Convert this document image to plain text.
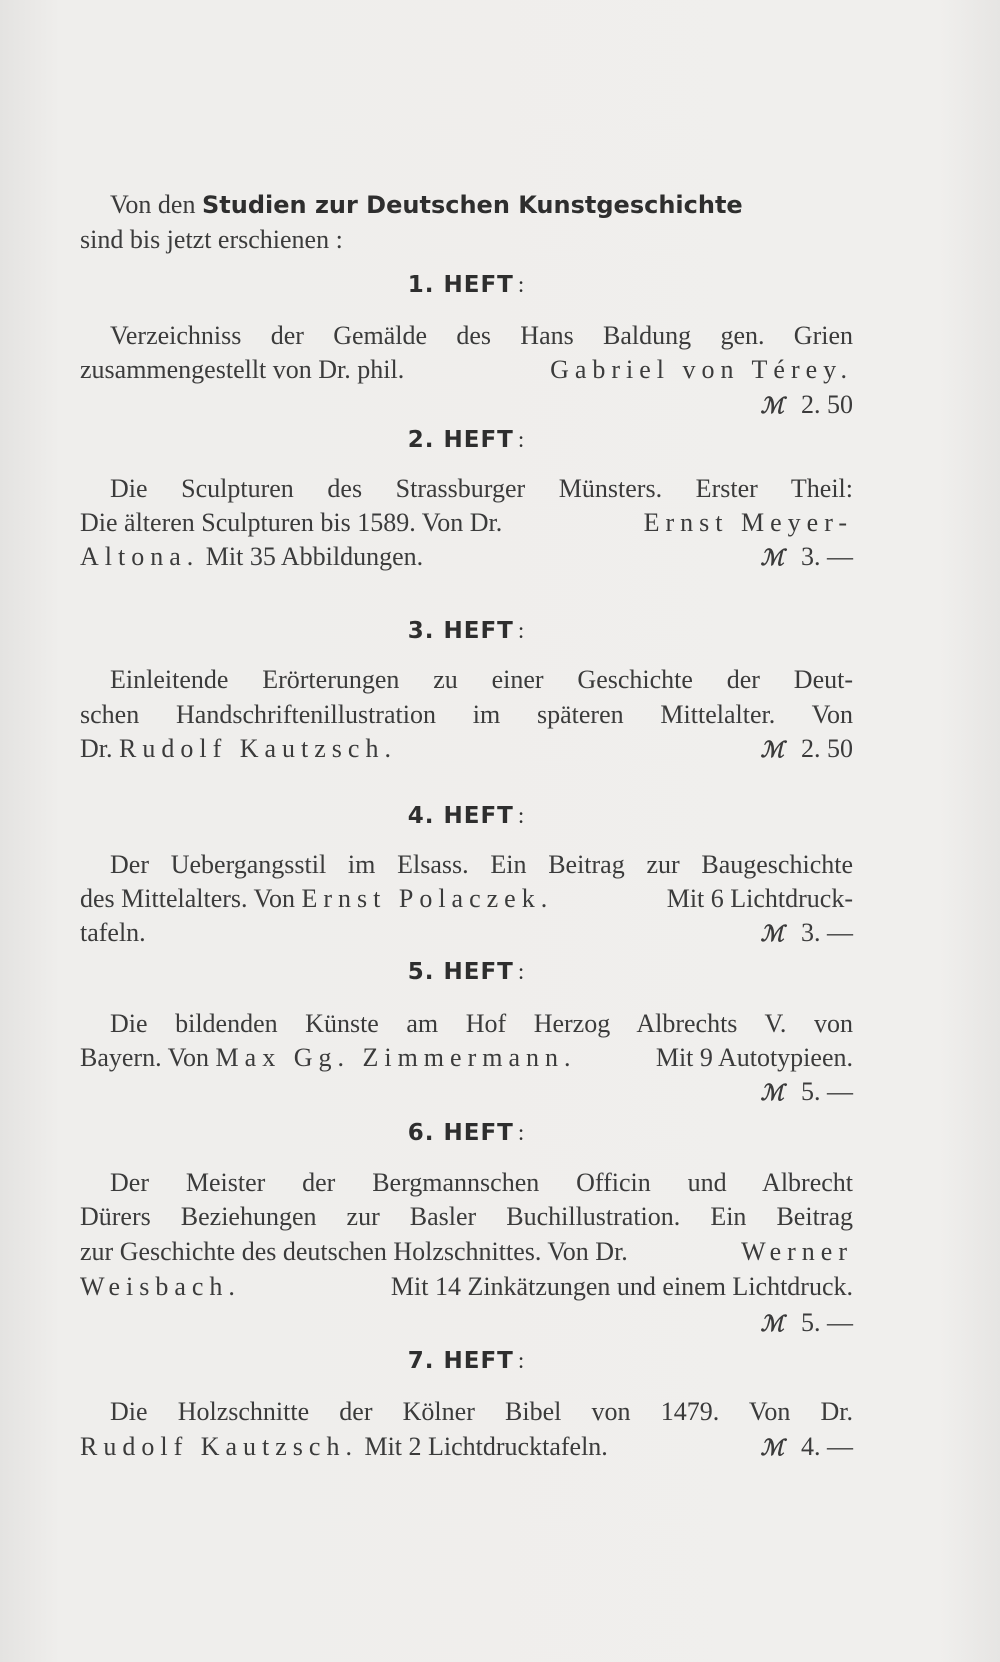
Von den Studien zur Deutschen Kunstgeschichte
sind bis jetzt erschienen :
1. HEFT :
Verzeichniss der Gemälde des Hans Baldung gen. Grien
zusammengestellt von Dr. phil.	Gabriel von Térey.
ℳ 2. 50
2. HEFT :
Die Sculpturen des Strassburger Münsters. Erster Theil:
Die älteren Sculpturen bis 1589. Von Dr.	Ernst Meyer-
Altona. Mit 35 Abbildungen.	ℳ 3. —
3. HEFT :
Einleitende Erörterungen zu einer Geschichte der Deut-
schen Handschriftenillustration im späteren Mittelalter. Von
Dr. Rudolf Kautzsch.	ℳ 2. 50
4. HEFT :
Der Uebergangsstil im Elsass. Ein Beitrag zur Baugeschichte
des Mittelalters. Von Ernst Polaczek.	Mit 6 Lichtdruck-
tafeln.	ℳ 3. —
5. HEFT :
Die bildenden Künste am Hof Herzog Albrechts V. von
Bayern. Von Max Gg. Zimmermann.	Mit 9 Autotypieen.
ℳ 5. —
6. HEFT :
Der Meister der Bergmannschen Officin und Albrecht
Dürers Beziehungen zur Basler Buchillustration. Ein Beitrag
zur Geschichte des deutschen Holzschnittes. Von Dr.	Werner
Weisbach.	Mit 14 Zinkätzungen und einem Lichtdruck.
ℳ 5. —
7. HEFT :
Die Holzschnitte der Kölner Bibel von 1479. Von Dr.
Rudolf Kautzsch. Mit 2 Lichtdrucktafeln.	ℳ 4. —
